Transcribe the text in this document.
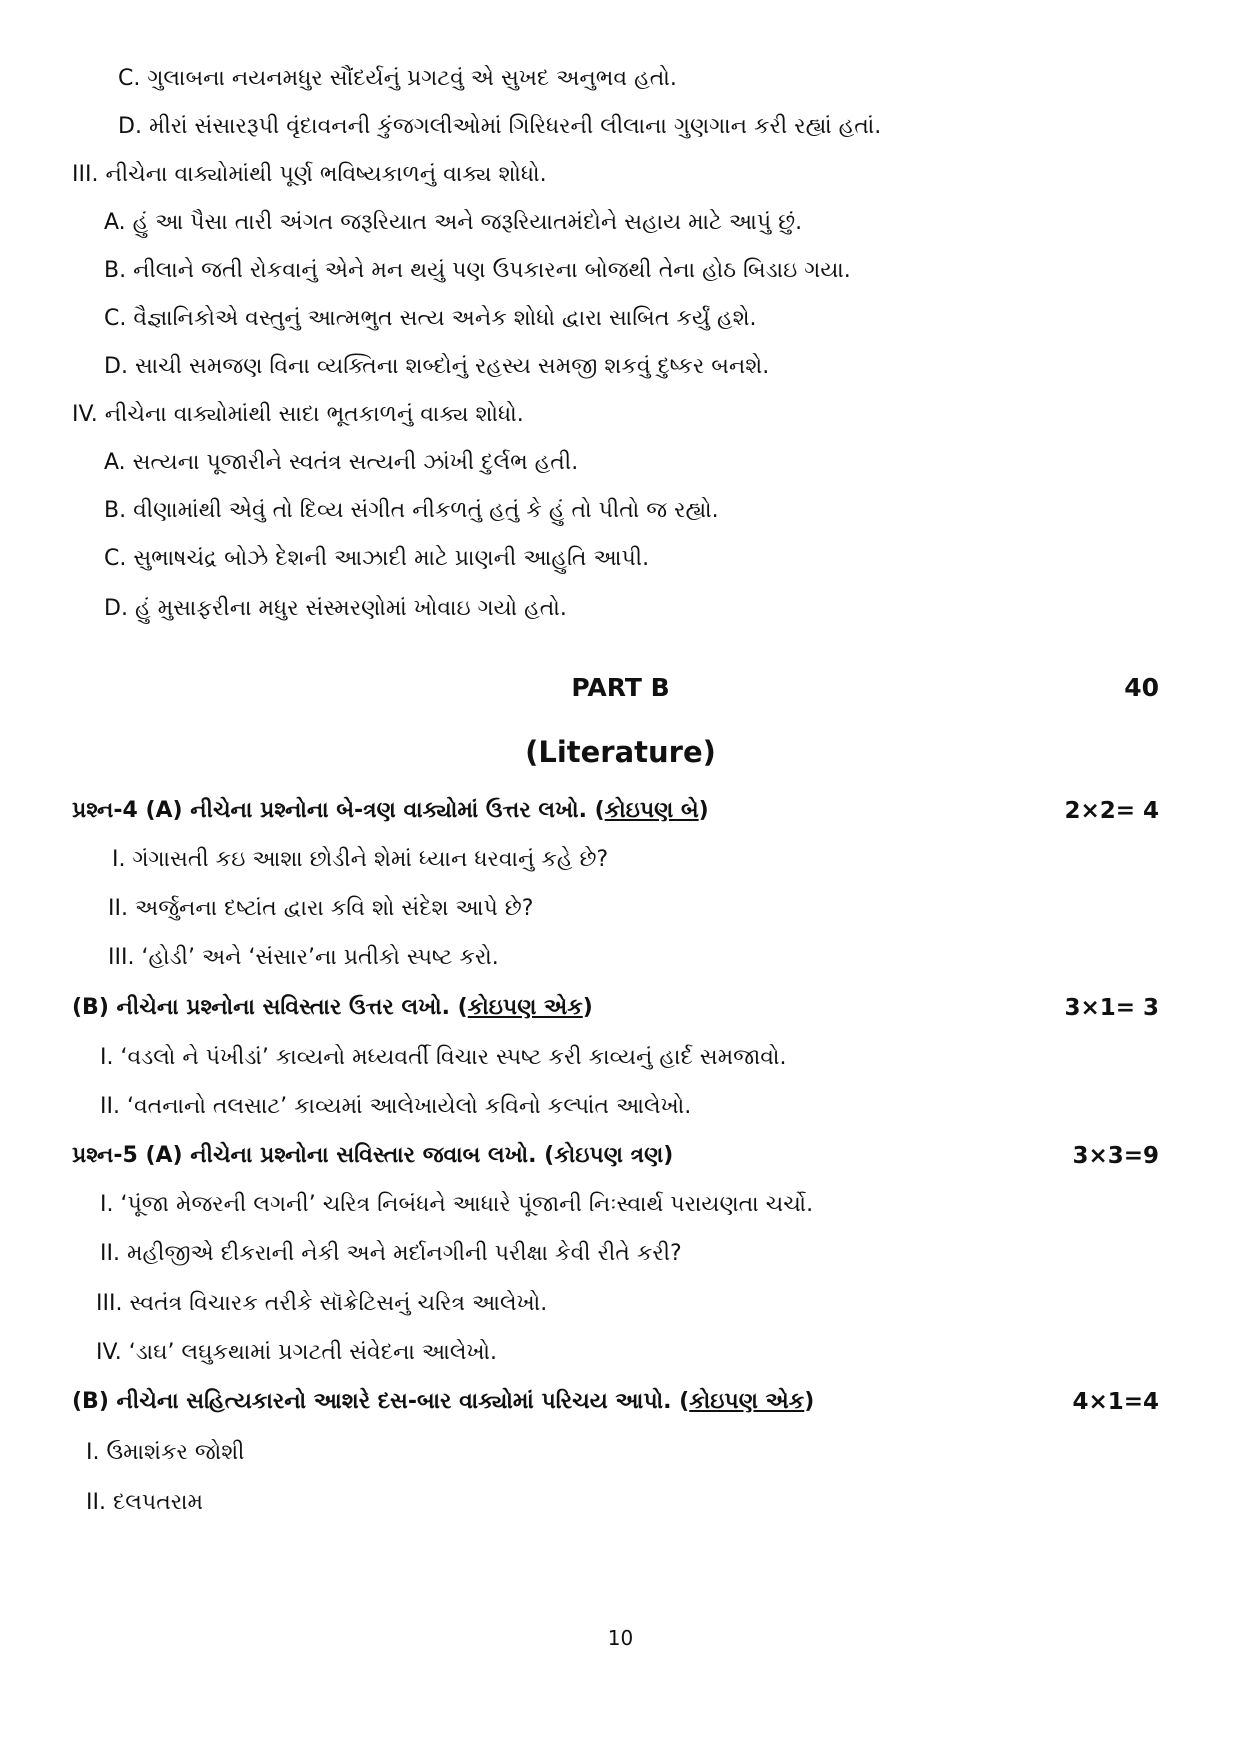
C. ગુલાબના નયનમધુર સૌંદર્યનું પ્રગટવું એ સુખદ અનુભવ હતો.
D. મીરાં સંસારરૂપી વૃંદાવનની કુંજગલીઓમાં ગિરિધરની લીલાના ગુણગાન કરી રહ્યાં હતાં.
III. નીચેના વાક્યોમાંથી પૂર્ણ ભવિષ્યકાળનું વાક્ય શોધો.
A. હું આ પૈસા તારી અંગત જરૂરિયાત અને જરૂરિયાતમંદોને સહાય માટે આપું છું.
B. નીલાને જતી રોકવાનું એને મન થયું પણ ઉપકારના બોજથી તેના હોઠ બિડાઇ ગયા.
C. વૈજ્ઞાનિકોએ વસ્તુનું આત્મભુત સત્ય અનેક શોધો દ્વારા સાબિત કર્યું હશે.
D. સાચી સમજણ વિના વ્યક્તિના શબ્દોનું રહસ્ય સમજી શકવું દુષ્કર બનશે.
IV. નીચેના વાક્યોમાંથી સાદા ભૂતકાળનું વાક્ય શોધો.
A. સત્યના પૂજારીને સ્વતંત્ર સત્યની ઝાંખી દુર્લભ હતી.
B. વીણામાંથી એવું તો દિવ્ય સંગીત નીકળતું હતું કે હું તો પીતો જ રહ્યો.
C. સુભાષચંદ્ર બોઝે દેશની આઝાદી માટે પ્રાણની આહુતિ આપી.
D. હું મુસાફરીના મધુર સંસ્મરણોમાં ખોવાઇ ગયો હતો.
PART B	40
(Literature)
પ્રશ્ન-4 (A) નીચેના પ્રશ્નોના બે-ત્રણ વાક્યોમાં ઉત્તર લખો. (કોઇપણ બે)	2×2= 4
I. ગંગાસતી કઇ આશા છોડીને શેમાં ધ્યાન ધરવાનું કહે છે?
II. અર્જુનના દષ્ટાંત દ્વારા કવિ શો સંદેશ આપે છે?
III. ‘હોડી’ અને ‘સંસાર’ના પ્રતીકો સ્પષ્ટ કરો.
(B) નીચેના પ્રશ્નોના સવિસ્તાર ઉત્તર લખો. (કોઇપણ એક)	3×1= 3
I. ‘વડલો ને પંખીડાં’ કાવ્યનો મધ્યવર્તી વિચાર સ્પષ્ટ કરી કાવ્યનું હાર્દ સમજાવો.
II. ‘વતનાનો તલસાટ’ કાવ્યમાં આલેખાયેલો કવિનો કલ્પાંત આલેખો.
પ્રશ્ન-5 (A) નીચેના પ્રશ્નોના સવિસ્તાર જવાબ લખો. (કોઇપણ ત્રણ)	3×3=9
I. ‘પૂંજા મેજરની લગની’ ચરિત્ર નિબંધને આધારે પૂંજાની નિઃસ્વાર્થ પરાયણતા ચર્ચો.
II. મહીજીએ દીકરાની નેકી અને મર્દાનગીની પરીક્ષા કેવી રીતે કરી?
III. સ્વતંત્ર વિચારક તરીકે સૉક્રેટિસનું ચરિત્ર આલેખો.
IV. ‘ડાઘ’ લઘુકથામાં પ્રગટતી સંવેદના આલેખો.
(B) નીચેના સહિત્યકારનો આશરે દસ-બાર વાક્યોમાં પરિચય આપો. (કોઇપણ એક)	4×1=4
I. ઉમાશંકર જોશી
II. દલપતરામ
10
